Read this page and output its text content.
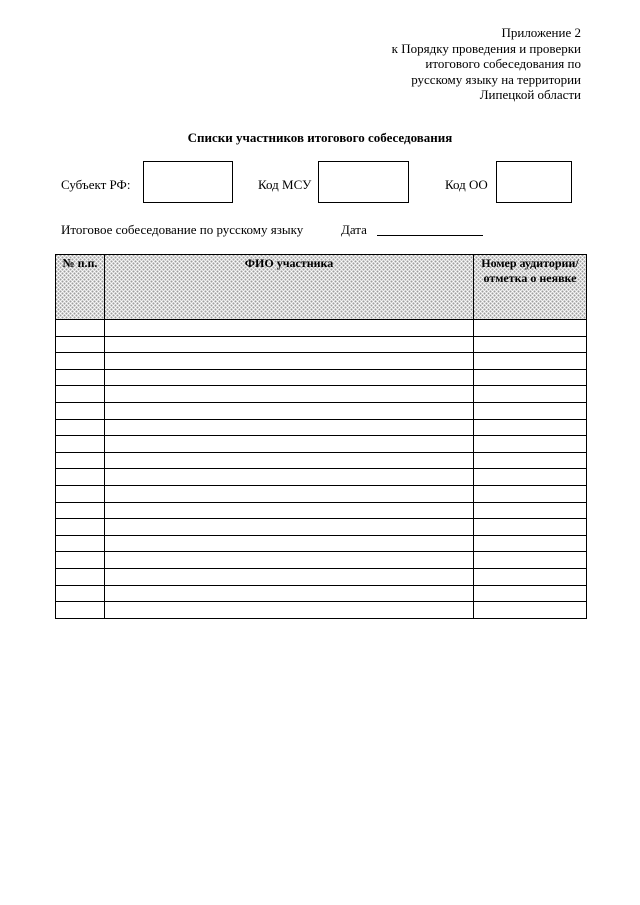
Приложение 2
к Порядку проведения и проверки
итогового собеседования по
русскому языку на территории
Липецкой области
Списки участников итогового собеседования
Субъект РФ:	Код МСУ	Код ОО
Итоговое собеседование по русскому языку	Дата
№ п.п.	ФИО участника	Номер аудитории/ отметка о неявке
